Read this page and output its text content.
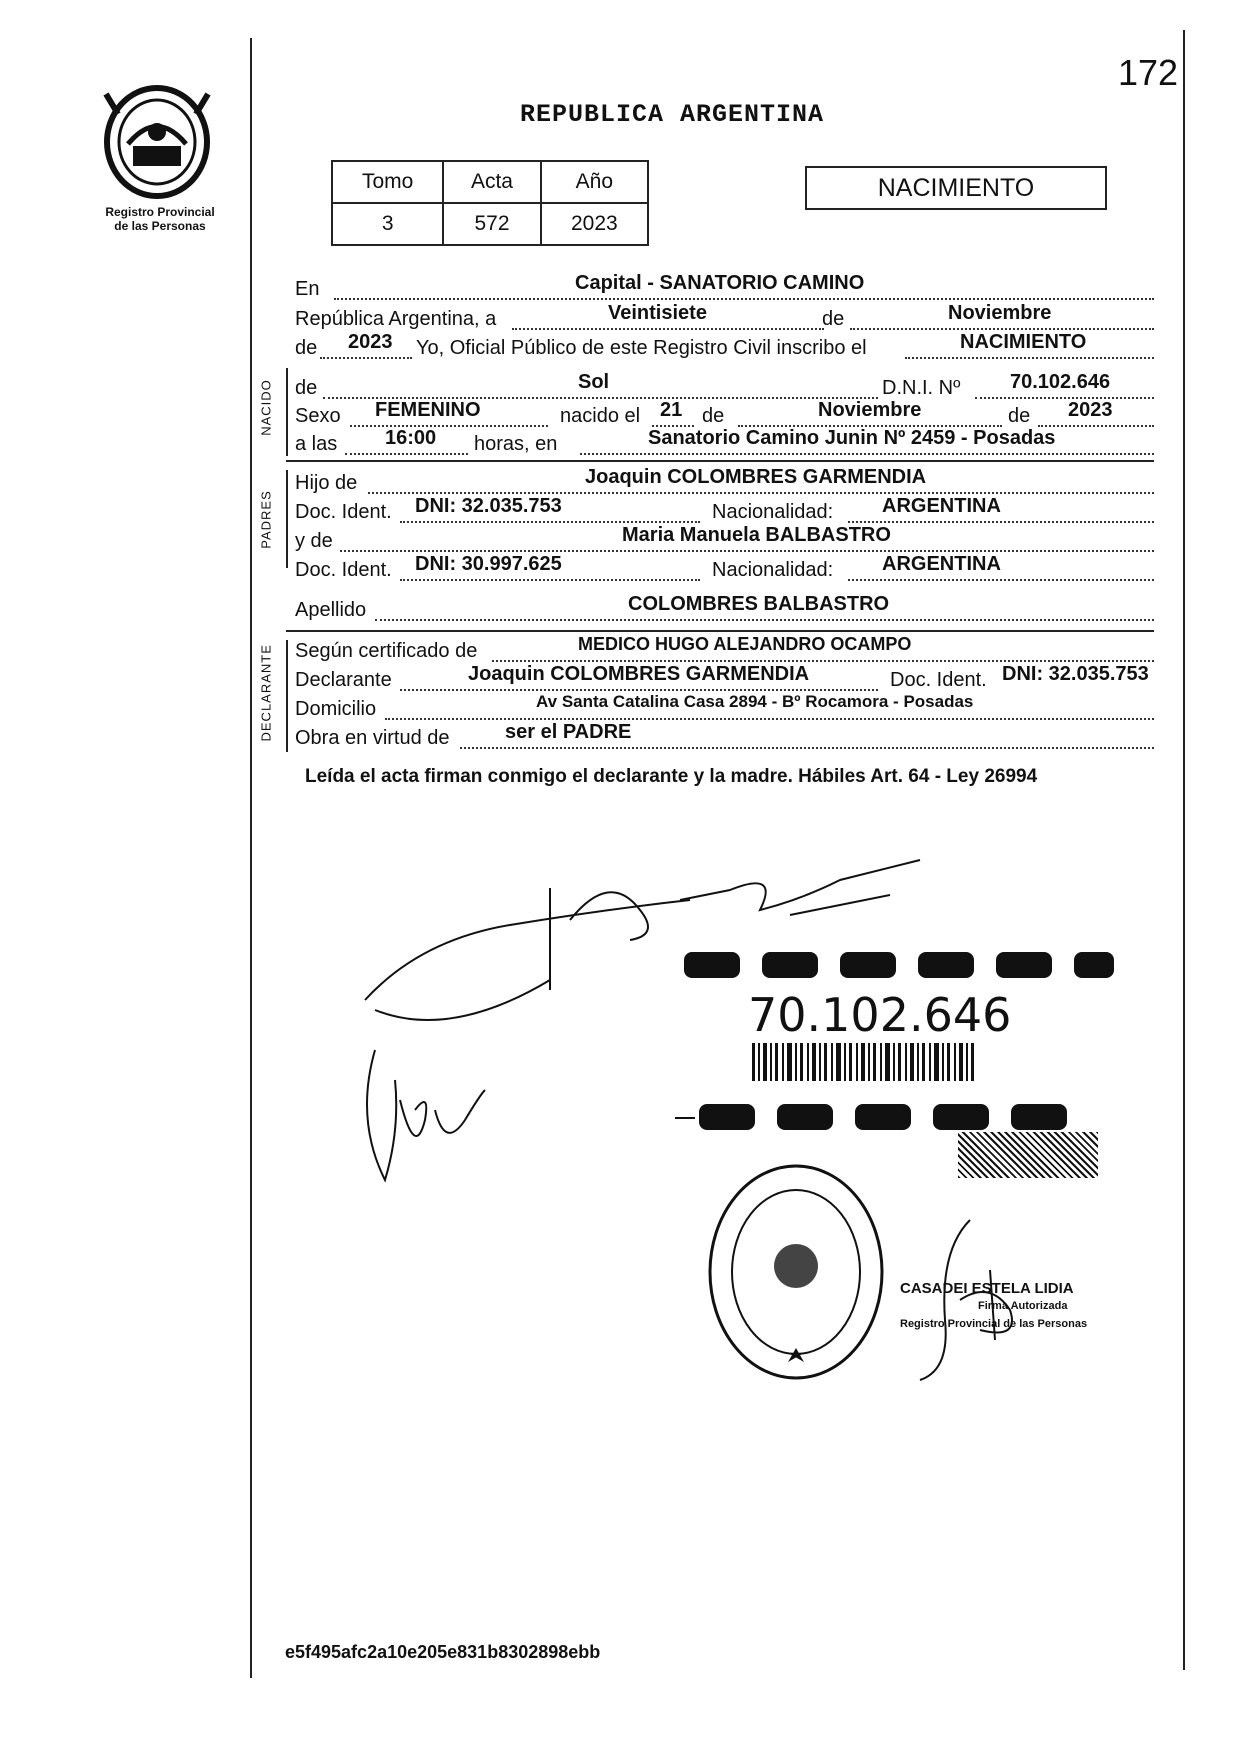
172
Registro Provincial
de las Personas
REPUBLICA ARGENTINA
Tomo	Acta	Año
3	572	2023
NACIMIENTO
NACIDO
PADRES
DECLARANTE
En	Capital - SANATORIO CAMINO
República Argentina, a	Veintisiete	de	Noviembre
de 2023 Yo, Oficial Público de este Registro Civil inscribo el	NACIMIENTO
de	Sol	D.N.I. Nº 70.102.646
Sexo FEMENINO	nacido el 21 de	Noviembre	de 2023
a las 16:00 horas, en	Sanatorio Camino Junin Nº 2459 - Posadas
Hijo de	Joaquin COLOMBRES GARMENDIA
Doc. Ident. DNI: 32.035.753	Nacionalidad: ARGENTINA
y de	Maria Manuela BALBASTRO
Doc. Ident. DNI: 30.997.625	Nacionalidad: ARGENTINA
Apellido	COLOMBRES BALBASTRO
Según certificado de	MEDICO HUGO ALEJANDRO OCAMPO
Declarante	Joaquin COLOMBRES GARMENDIA	Doc. Ident. DNI: 32.035.753
Domicilio	Av Santa Catalina Casa 2894 - Bº Rocamora - Posadas
Obra en virtud de	ser el PADRE
Leída el acta firman conmigo el declarante y la madre. Hábiles Art. 64 - Ley 26994
70.102.646
CASADEI ESTELA LIDIA
Firma Autorizada
Registro Provincial de las Personas
e5f495afc2a10e205e831b8302898ebb
